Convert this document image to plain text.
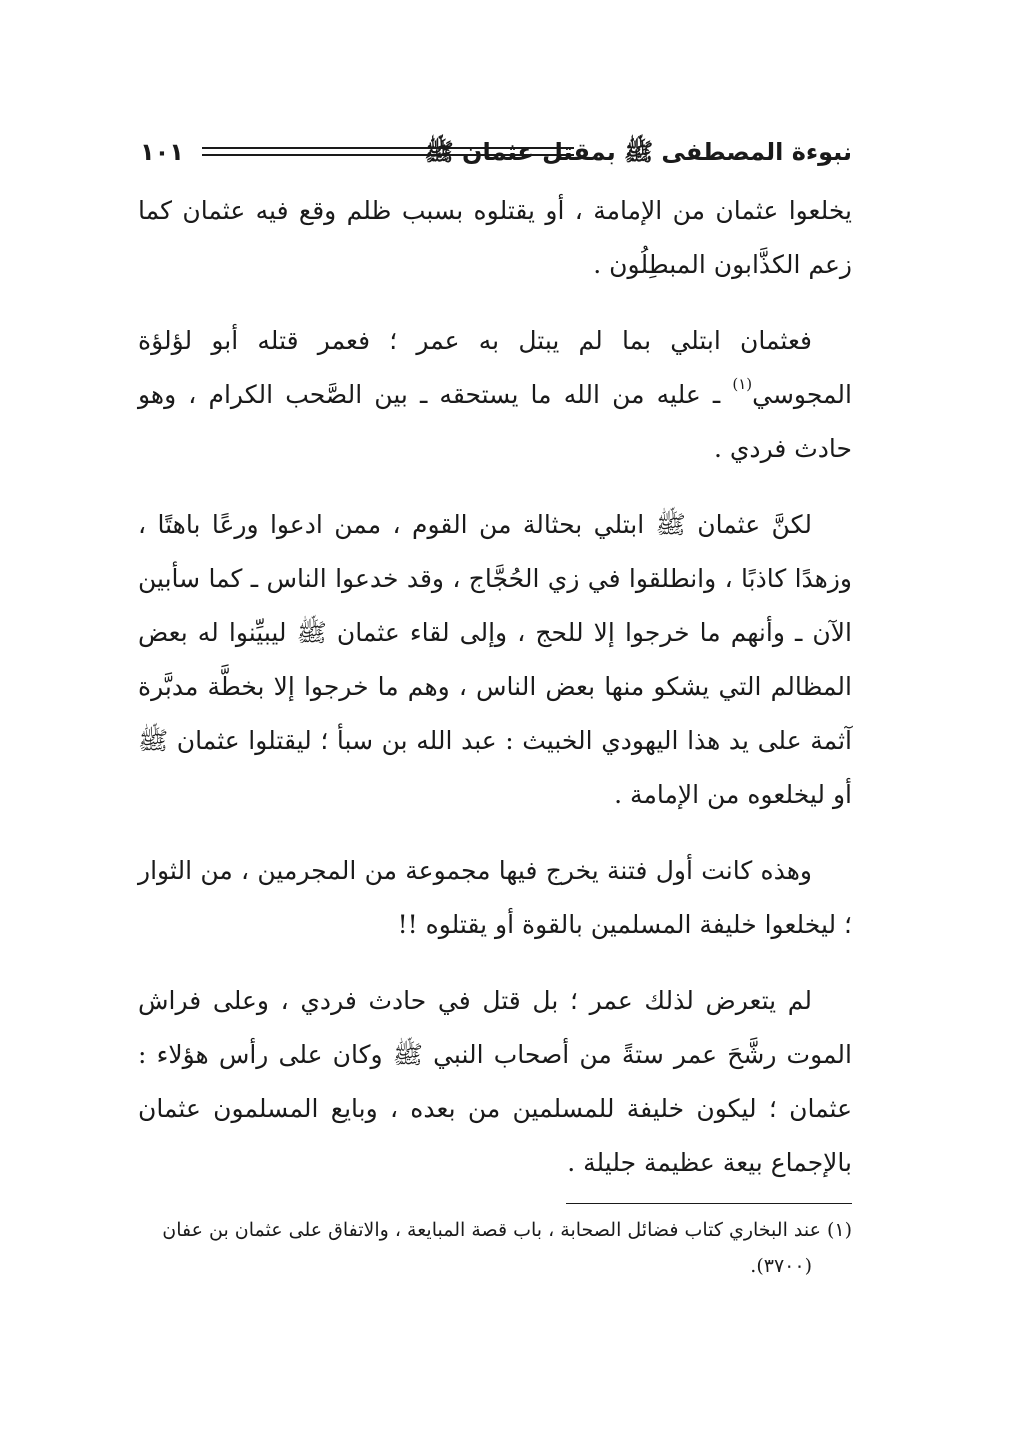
نبوءة المصطفى ﷺ بمقتل عثمان ﷺ
١٠١

يخلعوا عثمان من الإمامة ، أو يقتلوه بسبب ظلم وقع فيه عثمان كما زعم الكذَّابون المبطِلُون .

فعثمان ابتلي بما لم يبتل به عمر ؛ فعمر قتله أبو لؤلؤة المجوسي$^{(١)}$ ـ عليه من الله ما يستحقه ـ بين الصَّحب الكرام ، وهو حادث فردي .

لكنَّ عثمان ﷺ ابتلي بحثالة من القوم ، ممن ادعوا ورعًا باهتًا ، وزهدًا كاذبًا ، وانطلقوا في زي الحُجَّاج ، وقد خدعوا الناس ـ كما سأبين الآن ـ وأنهم ما خرجوا إلا للحج ، وإلى لقاء عثمان ﷺ ليبيِّنوا له بعض المظالم التي يشكو منها بعض الناس ، وهم ما خرجوا إلا بخطَّة مدبَّرة آثمة على يد هذا اليهودي الخبيث : عبد الله بن سبأ ؛ ليقتلوا عثمان ﷺ أو ليخلعوه من الإمامة .

وهذه كانت أول فتنة يخرج فيها مجموعة من المجرمين ، من الثوار ؛ ليخلعوا خليفة المسلمين بالقوة أو يقتلوه !!

لم يتعرض لذلك عمر ؛ بل قتل في حادث فردي ، وعلى فراش الموت رشَّحَ عمر ستةً من أصحاب النبي ﷺ وكان على رأس هؤلاء : عثمان ؛ ليكون خليفة للمسلمين من بعده ، وبايع المسلمون عثمان بالإجماع بيعة عظيمة جليلة .

(١)عند البخاري كتاب فضائل الصحابة ، باب قصة المبايعة ، والاتفاق على عثمان بن عفان
(٣٧٠٠).
